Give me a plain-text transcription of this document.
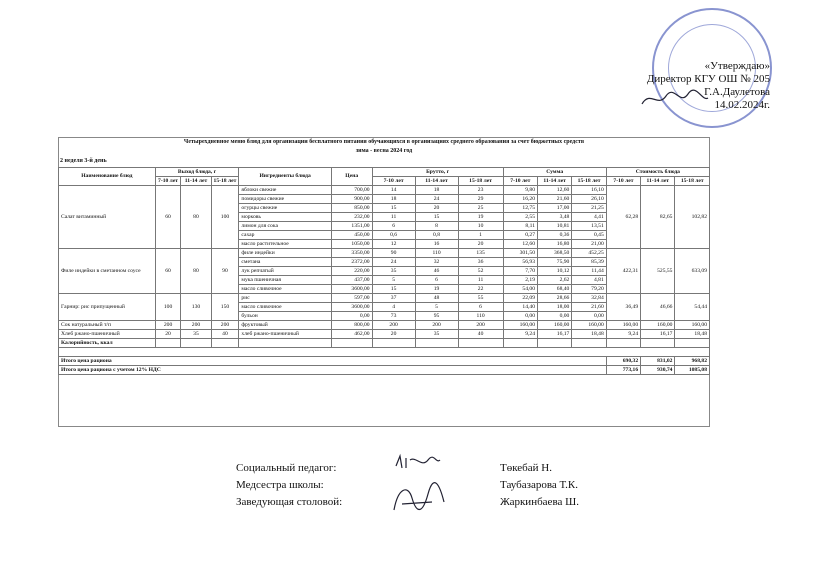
«Утверждаю»
Директор КГУ ОШ № 205
Г.А.Даулетова
14.02.2024г.
Четырехдневное меню блюд для организации бесплатного питания обучающихся в организациях среднего образования за счет бюджетных средств
зима - весна 2024 год
2 неделя 3-й день
Наименование блюд	Выход блюда, г			Ингредиенты блюда	Цена	Брутто, г			Сумма			Стоимость блюда		
	7-10 лет	11-14 лет	15-18 лет			7-10 лет	11-14 лет	15-18 лет	7-10 лет	11-14 лет	15-18 лет	7-10 лет	11-14 лет	15-18 лет
Салат витаминный	60	80	100	яблоки свежие	700,00	14	18	23	9,80	12,60	16,10	62,28	82,65	102,82
				помидоры свежие	900,00	18	24	29	16,20	21,60	26,10			
				огурцы свежие	850,00	15	20	25	12,75	17,00	21,25			
				морковь	232,00	11	15	19	2,55	3,48	4,41			
				лимон для сока	1351,00	6	8	10	8,11	10,81	13,51			
				сахар	450,00	0,6	0,8	1	0,27	0,36	0,45			
				масло растительное	1050,00	12	16	20	12,60	16,80	21,00			
Филе индейки в сметанном соусе	60	80	90	филе индейки	3350,00	90	110	135	301,50	368,50	452,25	422,31	525,55	633,09
				сметана	2372,00	24	32	36	56,93	75,90	85,39			
				лук репчатый	220,00	35	46	52	7,70	10,12	11,44			
				мука пшеничная	437,00	5	6	11	2,19	2,62	4,81			
				масло сливочное	3600,00	15	19	22	54,00	68,40	79,20			
Гарнир: рис припущенный	100	130	150	рис	597,00	37	48	55	22,09	28,66	32,84	36,49	46,66	54,44
				масло сливочное	3600,00	4	5	6	14,40	18,00	21,60			
				бульон	0,00	73	95	110	0,00	0,00	0,00			
Сок натуральный т/п	200	200	200	фруктовый	800,00	200	200	200	160,00	160,00	160,00	160,00	160,00	160,00
Хлеб ржано-пшеничный	20	35	40	хлеб ржано-пшеничный	462,00	20	35	40	9,24	16,17	18,48	9,24	16,17	18,48
Калорийность, ккал														

Итого цена рациона												690,32	831,02	968,82
Итого цена рациона с учетом 12% НДС												773,16	930,74	1085,08
Социальный педагог:
Медсестра школы:
Заведующая столовой:
Төкебай Н.
Таубазарова Т.К.
Жаркинбаева Ш.
